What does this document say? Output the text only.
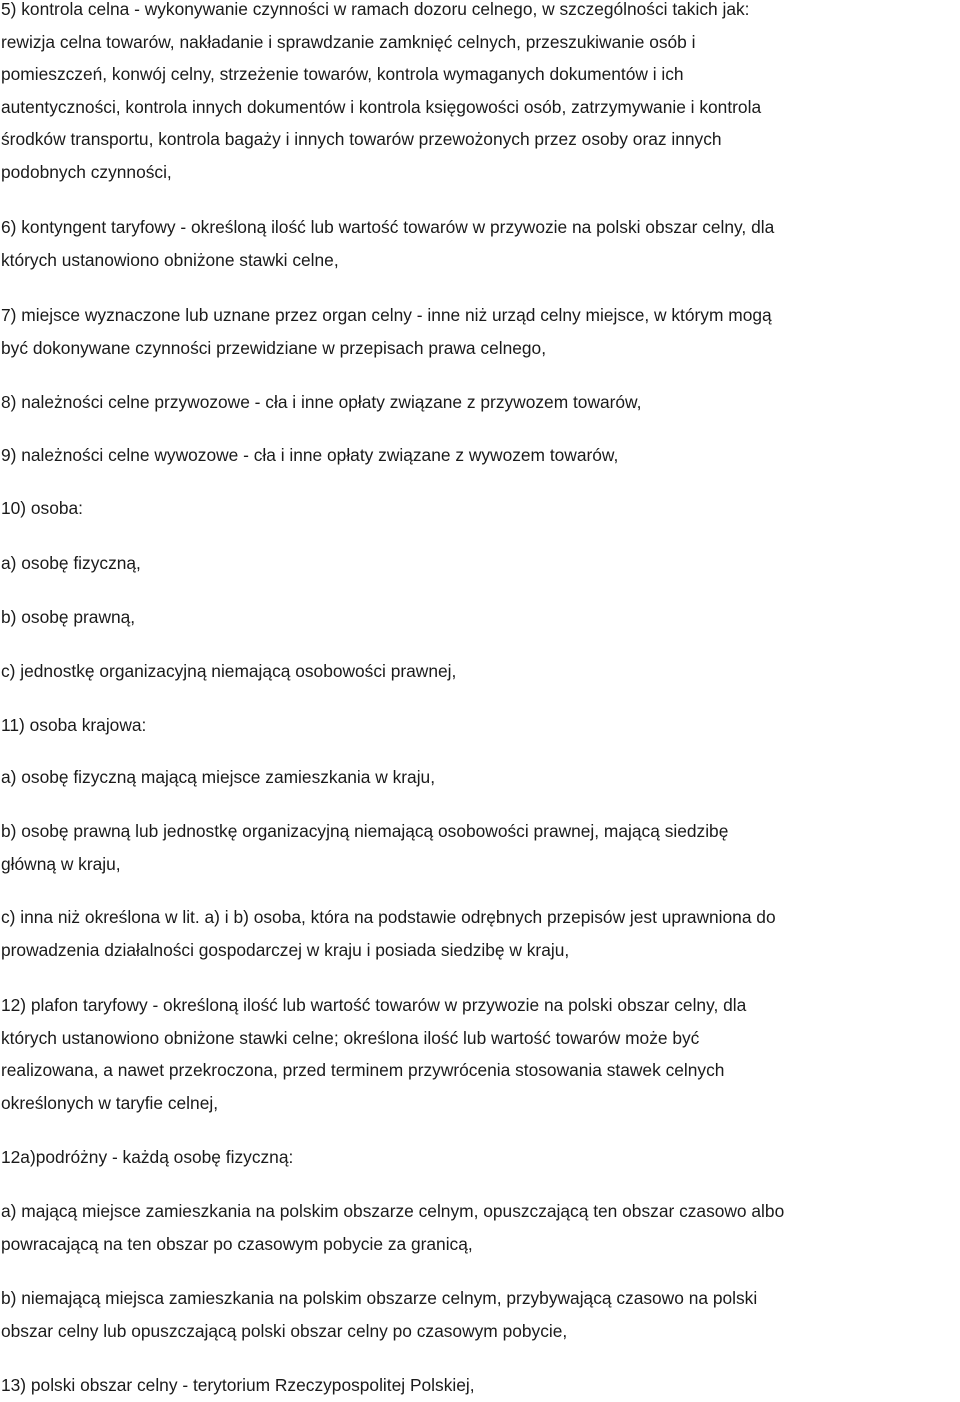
5) kontrola celna - wykonywanie czynności w ramach dozoru celnego, w szczególności takich jak:
rewizja celna towarów, nakładanie i sprawdzanie zamknięć celnych, przeszukiwanie osób i
pomieszczeń, konwój celny, strzeżenie towarów, kontrola wymaganych dokumentów i ich
autentyczności, kontrola innych dokumentów i kontrola księgowości osób, zatrzymywanie i kontrola
środków transportu, kontrola bagaży i innych towarów przewożonych przez osoby oraz innych
podobnych czynności,
6) kontyngent taryfowy - określoną ilość lub wartość towarów w przywozie na polski obszar celny, dla
których ustanowiono obniżone stawki celne,
7) miejsce wyznaczone lub uznane przez organ celny - inne niż urząd celny miejsce, w którym mogą
być dokonywane czynności przewidziane w przepisach prawa celnego,
8) należności celne przywozowe - cła i inne opłaty związane z przywozem towarów,
9) należności celne wywozowe - cła i inne opłaty związane z wywozem towarów,
10) osoba:
a) osobę fizyczną,
b) osobę prawną,
c) jednostkę organizacyjną niemającą osobowości prawnej,
11) osoba krajowa:
a) osobę fizyczną mającą miejsce zamieszkania w kraju,
b) osobę prawną lub jednostkę organizacyjną niemającą osobowości prawnej, mającą siedzibę
główną w kraju,
c) inna niż określona w lit. a) i b) osoba, która na podstawie odrębnych przepisów jest uprawniona do
prowadzenia działalności gospodarczej w kraju i posiada siedzibę w kraju,
12) plafon taryfowy - określoną ilość lub wartość towarów w przywozie na polski obszar celny, dla
których ustanowiono obniżone stawki celne; określona ilość lub wartość towarów może być
realizowana, a nawet przekroczona, przed terminem przywrócenia stosowania stawek celnych
określonych w taryfie celnej,
12a)podróżny - każdą osobę fizyczną:
a) mającą miejsce zamieszkania na polskim obszarze celnym, opuszczającą ten obszar czasowo albo
powracającą na ten obszar po czasowym pobycie za granicą,
b) niemającą miejsca zamieszkania na polskim obszarze celnym, przybywającą czasowo na polski
obszar celny lub opuszczającą polski obszar celny po czasowym pobycie,
13) polski obszar celny - terytorium Rzeczypospolitej Polskiej,
